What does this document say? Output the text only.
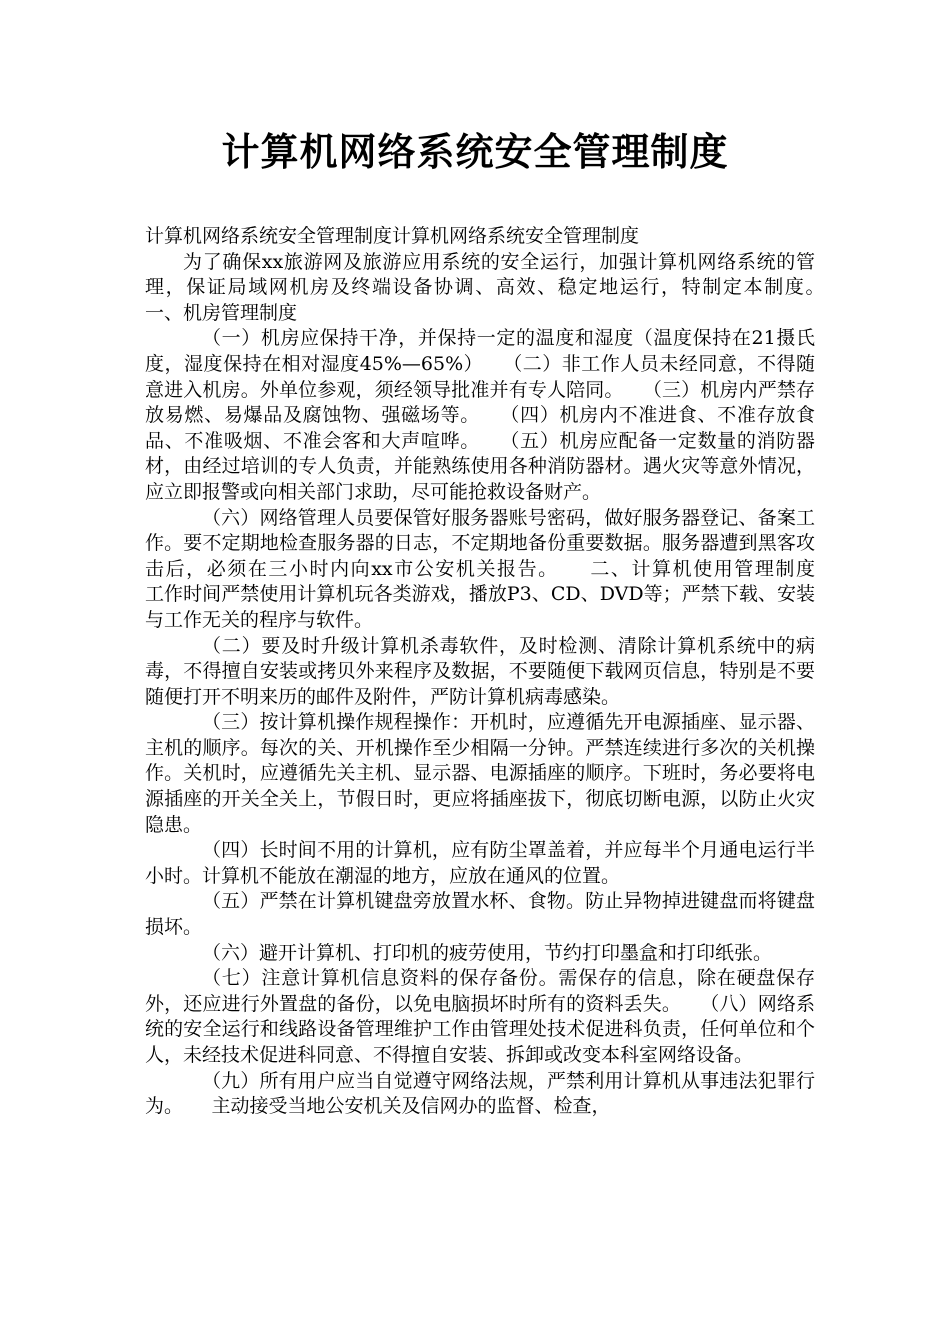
计算机网络系统安全管理制度

计算机网络系统安全管理制度计算机网络系统安全管理制度

为了确保xx旅游网及旅游应用系统的安全运行，加强计算机网络系统的管理，保证局域网机房及终端设备协调、高效、稳定地运行，特制定本制度。　　一、机房管理制度

（一）机房应保持干净，并保持一定的温度和湿度（温度保持在21摄氏度，湿度保持在相对湿度45%—65%）　　（二）非工作人员未经同意，不得随意进入机房。外单位参观，须经领导批准并有专人陪同。　　（三）机房内严禁存放易燃、易爆品及腐蚀物、强磁场等。　　（四）机房内不准进食、不准存放食品、不准吸烟、不准会客和大声喧哗。　　（五）机房应配备一定数量的消防器材，由经过培训的专人负责，并能熟练使用各种消防器材。遇火灾等意外情况，应立即报警或向相关部门求助，尽可能抢救设备财产。

（六）网络管理人员要保管好服务器账号密码，做好服务器登记、备案工作。要不定期地检查服务器的日志，不定期地备份重要数据。服务器遭到黑客攻击后，必须在三小时内向xx市公安机关报告。　　二、计算机使用管理制度　　工作时间严禁使用计算机玩各类游戏，播放P3、CD、DVD等；严禁下载、安装与工作无关的程序与软件。

（二）要及时升级计算机杀毒软件，及时检测、清除计算机系统中的病毒，不得擅自安装或拷贝外来程序及数据，不要随便下载网页信息，特别是不要随便打开不明来历的邮件及附件，严防计算机病毒感染。

（三）按计算机操作规程操作：开机时，应遵循先开电源插座、显示器、主机的顺序。每次的关、开机操作至少相隔一分钟。严禁连续进行多次的关机操作。关机时，应遵循先关主机、显示器、电源插座的顺序。下班时，务必要将电源插座的开关全关上，节假日时，更应将插座拔下，彻底切断电源，以防止火灾隐患。

（四）长时间不用的计算机，应有防尘罩盖着，并应每半个月通电运行半小时。计算机不能放在潮湿的地方，应放在通风的位置。

（五）严禁在计算机键盘旁放置水杯、食物。防止异物掉进键盘而将键盘损坏。

（六）避开计算机、打印机的疲劳使用，节约打印墨盒和打印纸张。

（七）注意计算机信息资料的保存备份。需保存的信息，除在硬盘保存外，还应进行外置盘的备份，以免电脑损坏时所有的资料丢失。　　（八）网络系统的安全运行和线路设备管理维护工作由管理处技术促进科负责，任何单位和个人，未经技术促进科同意、不得擅自安装、拆卸或改变本科室网络设备。

（九）所有用户应当自觉遵守网络法规，严禁利用计算机从事违法犯罪行为。　　主动接受当地公安机关及信网办的监督、检查，
